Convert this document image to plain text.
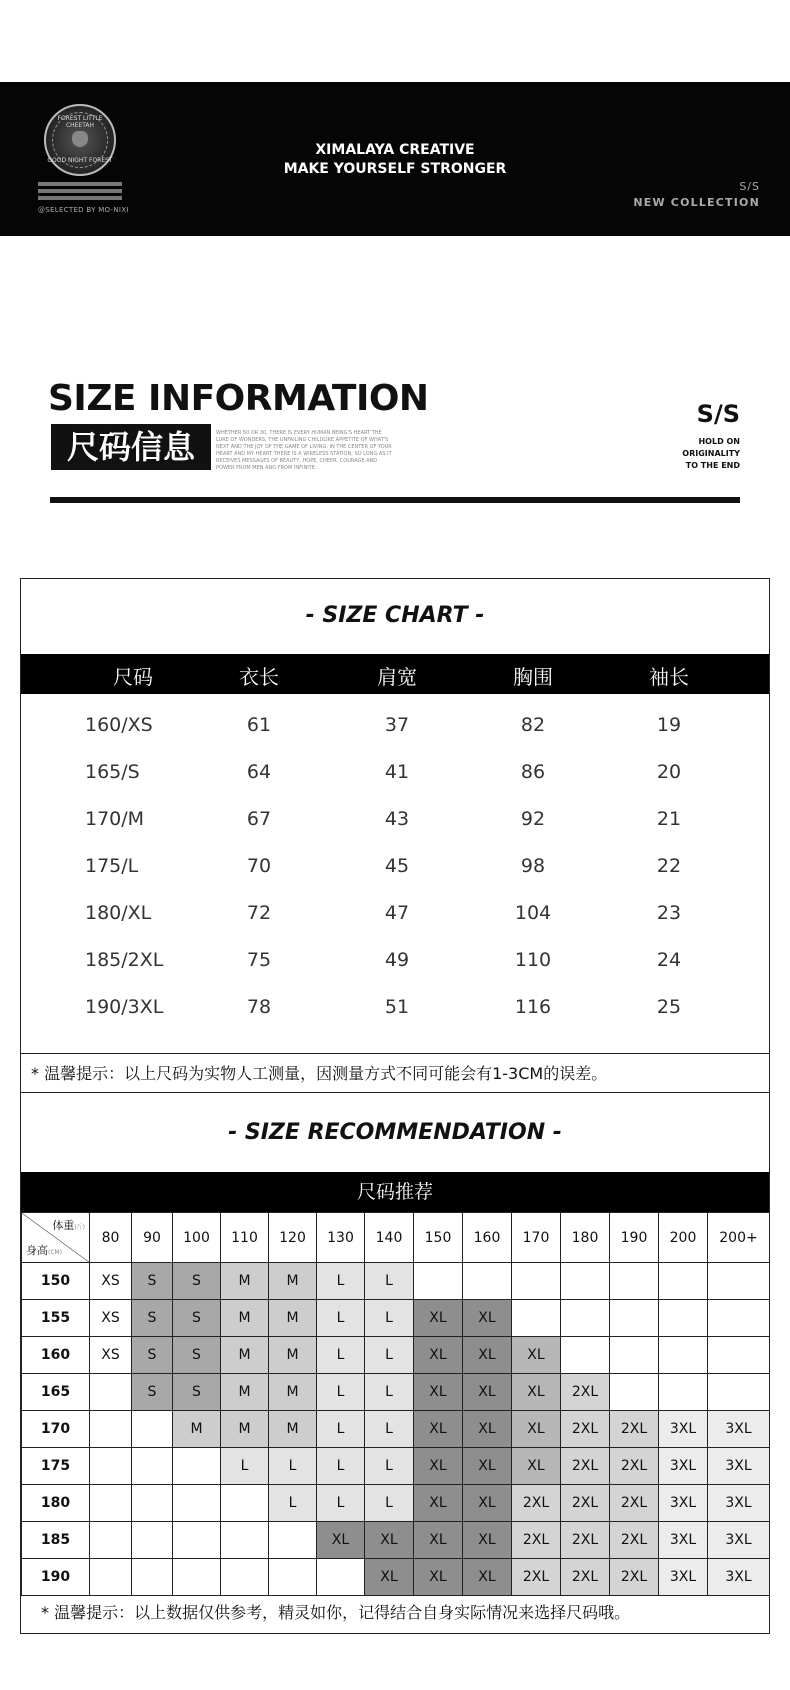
FOREST LITTLE CHEETAH
GOOD NIGHT FOREST
@SELECTED BY MO-NIXI
XIMALAYA CREATIVE
MAKE YOURSELF STRONGER
S/S
NEW COLLECTION
SIZE INFORMATION
尺码信息	WHETHER 50 OR 30, THERE IS EVERY HUMAN BEING'S HEART THE LURE OF WONDERS, THE UNFAILING CHILDLIKE APPETITE OF WHAT'S NEXT AND THE JOY OF THE GAME OF LIVING. IN THE CENTER OF YOUR HEART AND MY HEART THERE IS A WIRELESS STATION; SO LONG AS IT RECEIVES MESSAGES OF BEAUTY, HOPE, CHEER, COURAGE AND POWER FROM MEN AND FROM INFINITE.
S/S
HOLD ON
ORIGINALITY
TO THE END
- SIZE CHART -
尺码	衣长	肩宽	胸围	袖长
160/XS	61	37	82	19
165/S	64	41	86	20
170/M	67	43	92	21
175/L	70	45	98	22
180/XL	72	47	104	23
185/2XL	75	49	110	24
190/3XL	78	51	116	25
* 温馨提示：以上尺码为实物人工测量，因测量方式不同可能会有1-3CM的误差。
- SIZE RECOMMENDATION -
尺码推荐
体重(斤)
身高(CM)	80	90	100	110	120	130	140	150	160	170	180	190	200	200+
150	XS	S	S	M	M	L	L							
155	XS	S	S	M	M	L	L	XL	XL					
160	XS	S	S	M	M	L	L	XL	XL	XL				
165		S	S	M	M	L	L	XL	XL	XL	2XL			
170			M	M	M	L	L	XL	XL	XL	2XL	2XL	3XL	3XL
175				L	L	L	L	XL	XL	XL	2XL	2XL	3XL	3XL
180					L	L	L	XL	XL	2XL	2XL	2XL	3XL	3XL
185						XL	XL	XL	XL	2XL	2XL	2XL	3XL	3XL
190							XL	XL	XL	2XL	2XL	2XL	3XL	3XL
* 温馨提示：以上数据仅供参考，精灵如你，记得结合自身实际情况来选择尺码哦。
